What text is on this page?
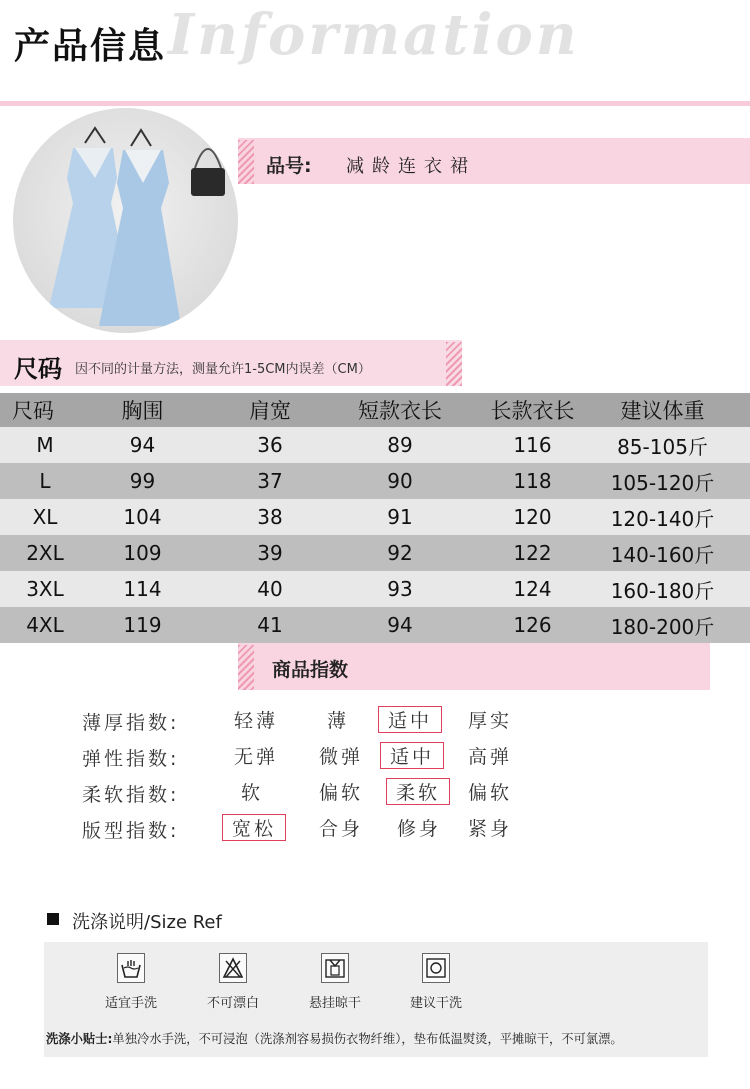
Information
产品信息
品号: 减龄连衣裙
尺码 因不同的计量方法，测量允许1-5CM内误差（CM）
尺码	胸围	肩宽	短款衣长	长款衣长	建议体重
M	94	36	89	116	85-105斤
L	99	37	90	118	105-120斤
XL	104	38	91	120	120-140斤
2XL	109	39	92	122	140-160斤
3XL	114	40	93	124	160-180斤
4XL	119	41	94	126	180-200斤
商品指数
薄厚指数:	轻薄	薄	适中	厚实
弹性指数:	无弹 微弹	适中	高弹
柔软指数:	软	偏软	柔软	偏软
版型指数:	宽松	合身 修身 紧身
洗涤说明/Size Ref
适宜手洗	不可漂白	悬挂晾干	建议干洗
洗涤小贴士:单独冷水手洗，不可浸泡（洗涤剂容易损伤衣物纤维），垫布低温熨烫，平摊晾干，不可氯漂。
